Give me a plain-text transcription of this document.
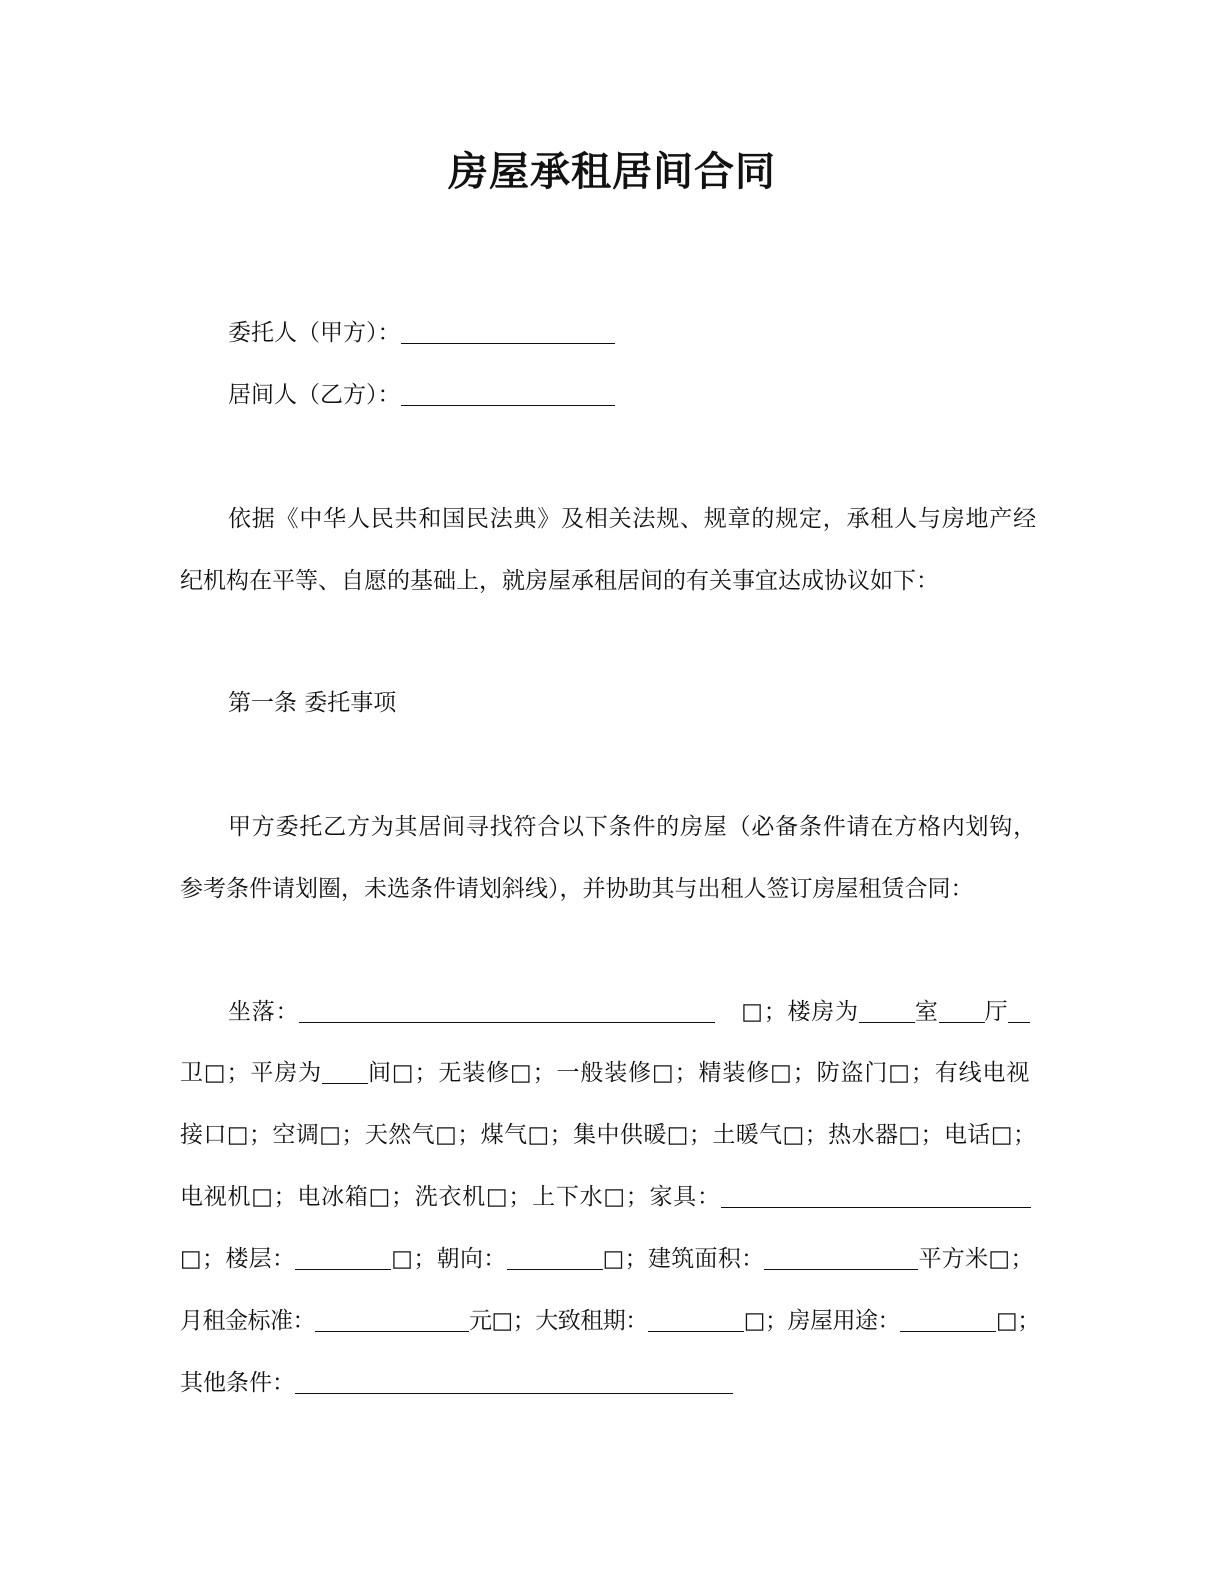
房屋承租居间合同
委托人（甲方）：
居间人（乙方）：
依据《中华人民共和国民法典》及相关法规、规章的规定，承租人与房地产经
纪机构在平等、自愿的基础上，就房屋承租居间的有关事宜达成协议如下：
第一条 委托事项
甲方委托乙方为其居间寻找符合以下条件的房屋（必备条件请在方格内划钩，
参考条件请划圈，未选条件请划斜线），并协助其与出租人签订房屋租赁合同：
坐落：	□；楼房为 室 厅
卫□；平房为 间□；无装修□；一般装修□；精装修□；防盗门□；有线电视
接口□；空调□；天然气□；煤气□；集中供暖□；土暖气□；热水器□；电话□；
电视机□；电冰箱□；洗衣机□；上下水□；家具：
□；楼层：	□；朝向：	□；建筑面积：	平方米□；
月租金标准：	元□；大致租期：	□；房屋用途：	□；
其他条件：
